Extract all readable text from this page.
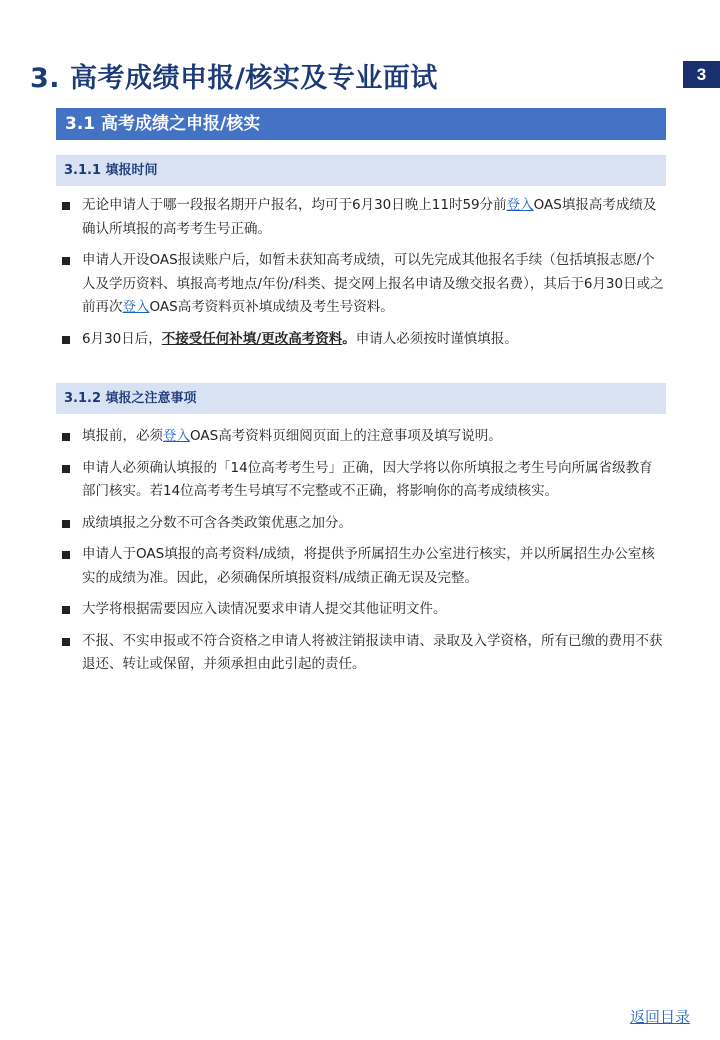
3. 高考成绩申报/核实及专业面试	3
3.1 高考成绩之申报/核实
3.1.1 填报时间
无论申请人于哪一段报名期开户报名，均可于6月30日晚上11时59分前登入OAS填报高考成绩及确认所填报的高考考生号正确。
申请人开设OAS报读账户后，如暂未获知高考成绩，可以先完成其他报名手续（包括填报志愿/个人及学历资料、填报高考地点/年份/科类、提交网上报名申请及缴交报名费），其后于6月30日或之前再次登入OAS高考资料页补填成绩及考生号资料。
6月30日后，不接受任何补填/更改高考资料。申请人必须按时谨慎填报。
3.1.2 填报之注意事项
填报前，必须登入OAS高考资料页细阅页面上的注意事项及填写说明。
申请人必须确认填报的「14位高考考生号」正确，因大学将以你所填报之考生号向所属省级教育部门核实。若14位高考考生号填写不完整或不正确，将影响你的高考成绩核实。
成绩填报之分数不可含各类政策优惠之加分。
申请人于OAS填报的高考资料/成绩，将提供予所属招生办公室进行核实，并以所属招生办公室核实的成绩为准。因此，必须确保所填报资料/成绩正确无误及完整。
大学将根据需要因应入读情况要求申请人提交其他证明文件。
不报、不实申报或不符合资格之申请人将被注销报读申请、录取及入学资格，所有已缴的费用不获退还、转让或保留，并须承担由此引起的责任。
返回目录
